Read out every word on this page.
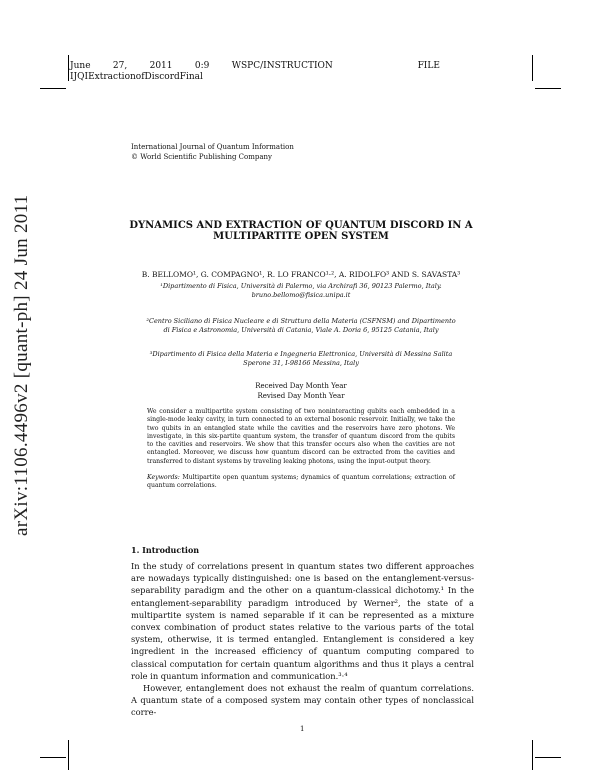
June 27, 2011 0:9 WSPC/INSTRUCTION	FILE
IJQIExtractionofDiscordFinal
arXiv:1106.4496v2 [quant-ph] 24 Jun 2011
International Journal of Quantum Information
© World Scientific Publishing Company
DYNAMICS AND EXTRACTION OF QUANTUM DISCORD IN A
MULTIPARTITE OPEN SYSTEM
B. BELLOMO¹, G. COMPAGNO¹, R. LO FRANCO¹·², A. RIDOLFO³ AND S. SAVASTA³
¹Dipartimento di Fisica, Università di Palermo, via Archirafi 36, 90123 Palermo, Italy.
bruno.bellomo@fisica.unipa.it
²Centro Siciliano di Fisica Nucleare e di Struttura della Materia (CSFNSM) and Dipartimento
di Fisica e Astronomia, Università di Catania, Viale A. Doria 6, 95125 Catania, Italy
³Dipartimento di Fisica della Materia e Ingegneria Elettronica, Università di Messina Salita
Sperone 31, I-98166 Messina, Italy
Received Day Month Year
Revised Day Month Year
We consider a multipartite system consisting of two noninteracting qubits each embedded in a single-mode leaky cavity, in turn connected to an external bosonic reservoir. Initially, we take the two qubits in an entangled state while the cavities and the reservoirs have zero photons. We investigate, in this six-partite quantum system, the transfer of quantum discord from the qubits to the cavities and reservoirs. We show that this transfer occurs also when the cavities are not entangled. Moreover, we discuss how quantum discord can be extracted from the cavities and transferred to distant systems by traveling leaking photons, using the input-output theory.
Keywords: Multipartite open quantum systems; dynamics of quantum correlations; extraction of quantum correlations.
1. Introduction

In the study of correlations present in quantum states two different approaches are nowadays typically distinguished: one is based on the entanglement-versus-separability paradigm and the other on a quantum-classical dichotomy.¹ In the entanglement-separability paradigm introduced by Werner², the state of a multipartite system is named separable if it can be represented as a mixture convex combination of product states relative to the various parts of the total system, otherwise, it is termed entangled. Entanglement is considered a key ingredient in the increased efficiency of quantum computing compared to classical computation for certain quantum algorithms and thus it plays a central role in quantum information and communication.³·⁴

However, entanglement does not exhaust the realm of quantum correlations. A quantum state of a composed system may contain other types of nonclassical corre-

1
